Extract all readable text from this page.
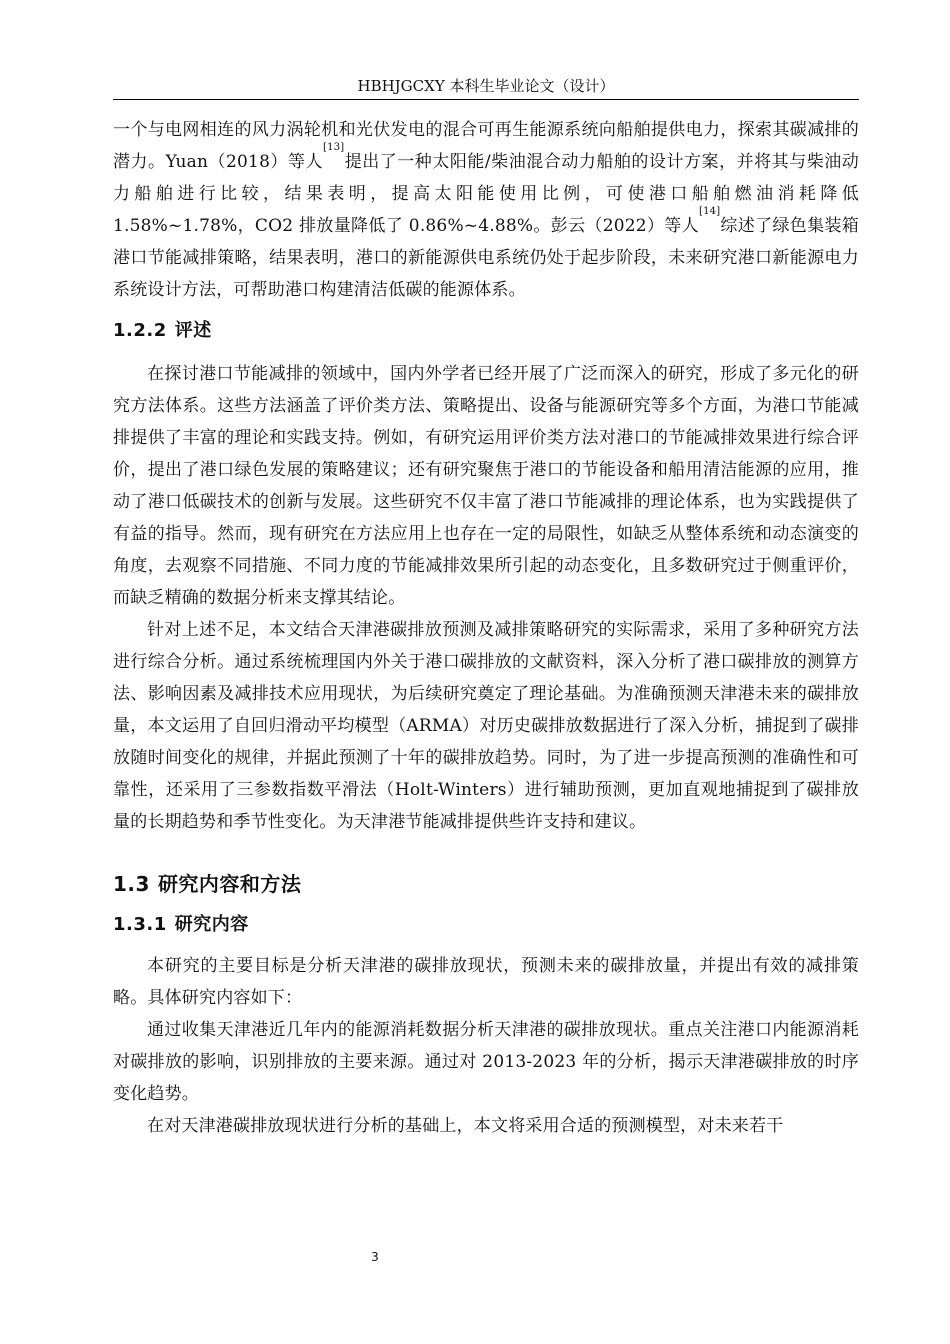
HBHJGCXY 本科生毕业论文（设计）

一个与电网相连的风力涡轮机和光伏发电的混合可再生能源系统向船舶提供电力，探索其碳减排的潜力。Yuan（2018）等人[13]提出了一种太阳能/柴油混合动力船舶的设计方案，并将其与柴油动力船舶进行比较，结果表明，提高太阳能使用比例，可使港口船舶燃油消耗降低 1.58%~1.78%，CO2 排放量降低了 0.86%~4.88%。彭云（2022）等人[14]综述了绿色集装箱港口节能减排策略，结果表明，港口的新能源供电系统仍处于起步阶段，未来研究港口新能源电力系统设计方法，可帮助港口构建清洁低碳的能源体系。

1.2.2 评述

在探讨港口节能减排的领域中，国内外学者已经开展了广泛而深入的研究，形成了多元化的研究方法体系。这些方法涵盖了评价类方法、策略提出、设备与能源研究等多个方面，为港口节能减排提供了丰富的理论和实践支持。例如，有研究运用评价类方法对港口的节能减排效果进行综合评价，提出了港口绿色发展的策略建议；还有研究聚焦于港口的节能设备和船用清洁能源的应用，推动了港口低碳技术的创新与发展。这些研究不仅丰富了港口节能减排的理论体系，也为实践提供了有益的指导。然而，现有研究在方法应用上也存在一定的局限性，如缺乏从整体系统和动态演变的角度，去观察不同措施、不同力度的节能减排效果所引起的动态变化，且多数研究过于侧重评价，而缺乏精确的数据分析来支撑其结论。

针对上述不足，本文结合天津港碳排放预测及减排策略研究的实际需求，采用了多种研究方法进行综合分析。通过系统梳理国内外关于港口碳排放的文献资料，深入分析了港口碳排放的测算方法、影响因素及减排技术应用现状，为后续研究奠定了理论基础。为准确预测天津港未来的碳排放量，本文运用了自回归滑动平均模型（ARMA）对历史碳排放数据进行了深入分析，捕捉到了碳排放随时间变化的规律，并据此预测了十年的碳排放趋势。同时，为了进一步提高预测的准确性和可靠性，还采用了三参数指数平滑法（Holt-Winters）进行辅助预测，更加直观地捕捉到了碳排放量的长期趋势和季节性变化。为天津港节能减排提供些许支持和建议。

1.3 研究内容和方法
1.3.1 研究内容

本研究的主要目标是分析天津港的碳排放现状，预测未来的碳排放量，并提出有效的减排策略。具体研究内容如下：

通过收集天津港近几年内的能源消耗数据分析天津港的碳排放现状。重点关注港口内能源消耗对碳排放的影响，识别排放的主要来源。通过对 2013-2023 年的分析，揭示天津港碳排放的时序变化趋势。

在对天津港碳排放现状进行分析的基础上，本文将采用合适的预测模型，对未来若干

3
